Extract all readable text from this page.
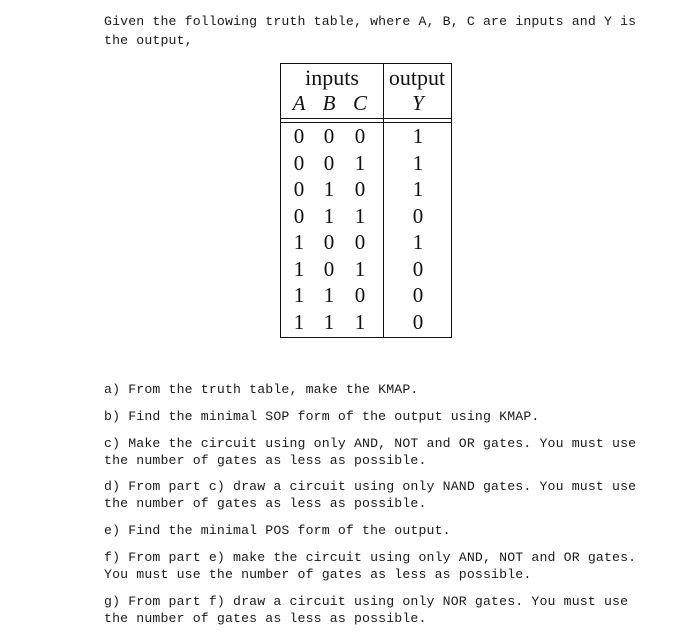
Given the following truth table, where A, B, C are inputs and Y is the output,

inputs	output
A B C Y
0 0 0	1
0 0 1	1
0 1 0	1
0 1 1	0
1 0 0	1
1 0 1	0
1 1 0	0
1 1 1	0
a) From the truth table, make the KMAP.
b) Find the minimal SOP form of the output using KMAP.
c) Make the circuit using only AND, NOT and OR gates. You must use the number of gates as less as possible.
d) From part c) draw a circuit using only NAND gates. You must use the number of gates as less as possible.
e) Find the minimal POS form of the output.
f) From part e) make the circuit using only AND, NOT and OR gates. You must use the number of gates as less as possible.
g) From part f) draw a circuit using only NOR gates. You must use the number of gates as less as possible.
